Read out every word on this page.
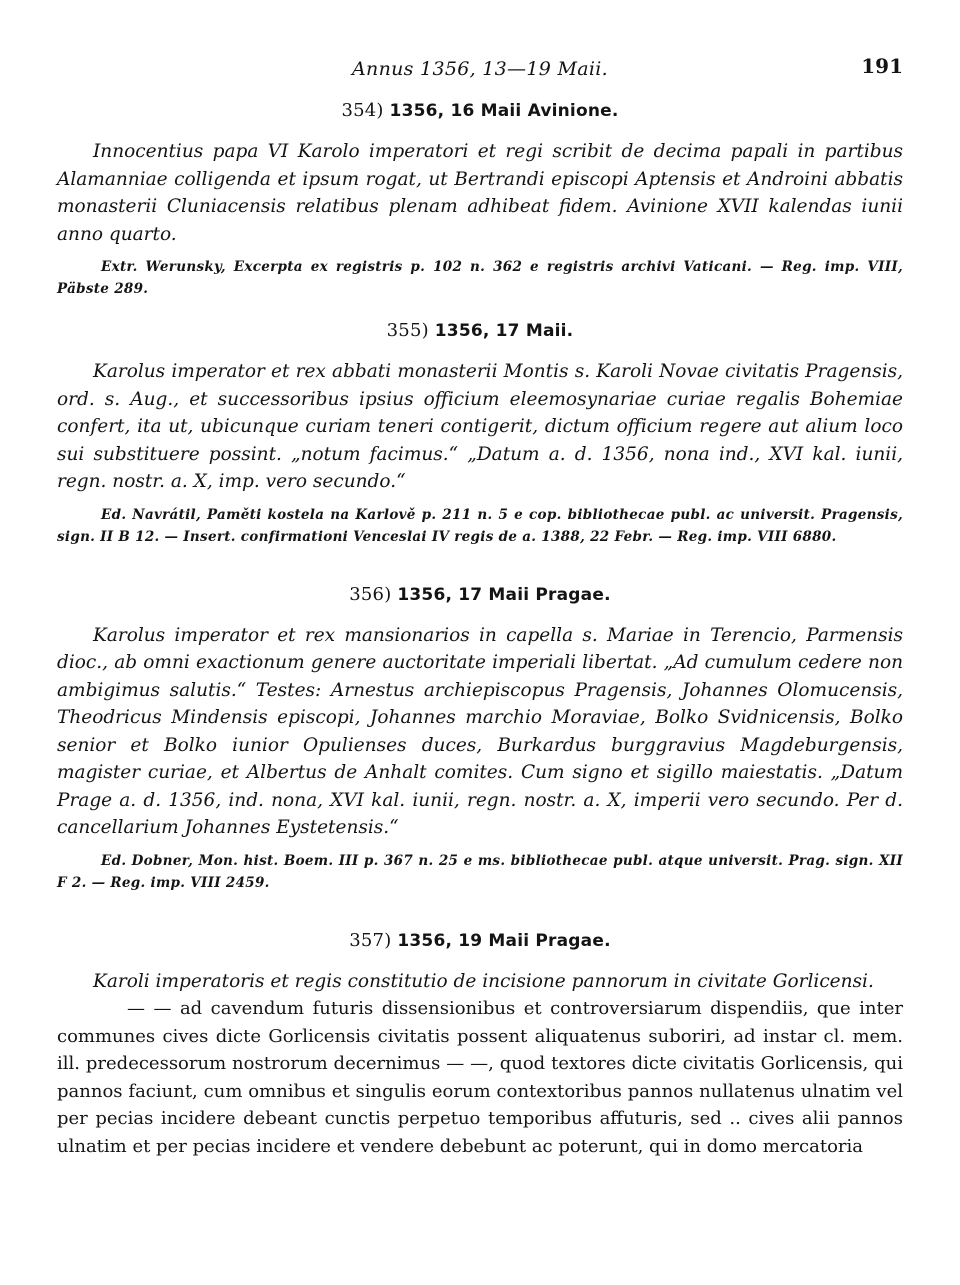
Annus 1356, 13—19 Maii.	191

354) 1356, 16 Maii Avinione.

Innocentius papa VI Karolo imperatori et regi scribit de decima papali in partibus Alamanniae colligenda et ipsum rogat, ut Bertrandi episcopi Aptensis et Androini abbatis monasterii Cluniacensis relatibus plenam adhibeat fidem. Avinione XVII kalendas iunii anno quarto.

Extr. Werunsky, Excerpta ex registris p. 102 n. 362 e registris archivi Vaticani. — Reg. imp. VIII, Päbste 289.

355) 1356, 17 Maii.

Karolus imperator et rex abbati monasterii Montis s. Karoli Novae civitatis Pragensis, ord. s. Aug., et successoribus ipsius officium eleemosynariae curiae regalis Bohemiae confert, ita ut, ubicunque curiam teneri contigerit, dictum officium regere aut alium loco sui substituere possint. „notum facimus.“ „Datum a. d. 1356, nona ind., XVI kal. iunii, regn. nostr. a. X, imp. vero secundo.“

Ed. Navrátil, Paměti kostela na Karlově p. 211 n. 5 e cop. bibliothecae publ. ac universit. Pragensis, sign. II B 12. — Insert. confirmationi Venceslai IV regis de a. 1388, 22 Febr. — Reg. imp. VIII 6880.

356) 1356, 17 Maii Pragae.

Karolus imperator et rex mansionarios in capella s. Mariae in Terencio, Parmensis dioc., ab omni exactionum genere auctoritate imperiali libertat. „Ad cumulum cedere non ambigimus salutis.“ Testes: Arnestus archiepiscopus Pragensis, Johannes Olomucensis, Theodricus Mindensis episcopi, Johannes marchio Moraviae, Bolko Svidnicensis, Bolko senior et Bolko iunior Opulienses duces, Burkardus burggravius Magdeburgensis, magister curiae, et Albertus de Anhalt comites. Cum signo et sigillo maiestatis. „Datum Prage a. d. 1356, ind. nona, XVI kal. iunii, regn. nostr. a. X, imperii vero secundo. Per d. cancellarium Johannes Eystetensis.“

Ed. Dobner, Mon. hist. Boem. III p. 367 n. 25 e ms. bibliothecae publ. atque universit. Prag. sign. XII F 2. — Reg. imp. VIII 2459.

357) 1356, 19 Maii Pragae.

Karoli imperatoris et regis constitutio de incisione pannorum in civitate Gorlicensi.

— — ad cavendum futuris dissensionibus et controversiarum dispendiis, que inter communes cives dicte Gorlicensis civitatis possent aliquatenus suboriri, ad instar cl. mem. ill. predecessorum nostrorum decernimus — —, quod textores dicte civitatis Gorlicensis, qui pannos faciunt, cum omnibus et singulis eorum contextoribus pannos nullatenus ulnatim vel per pecias incidere debeant cunctis perpetuo temporibus affuturis, sed .. cives alii pannos ulnatim et per pecias incidere et vendere debebunt ac poterunt, qui in domo mercatoria
